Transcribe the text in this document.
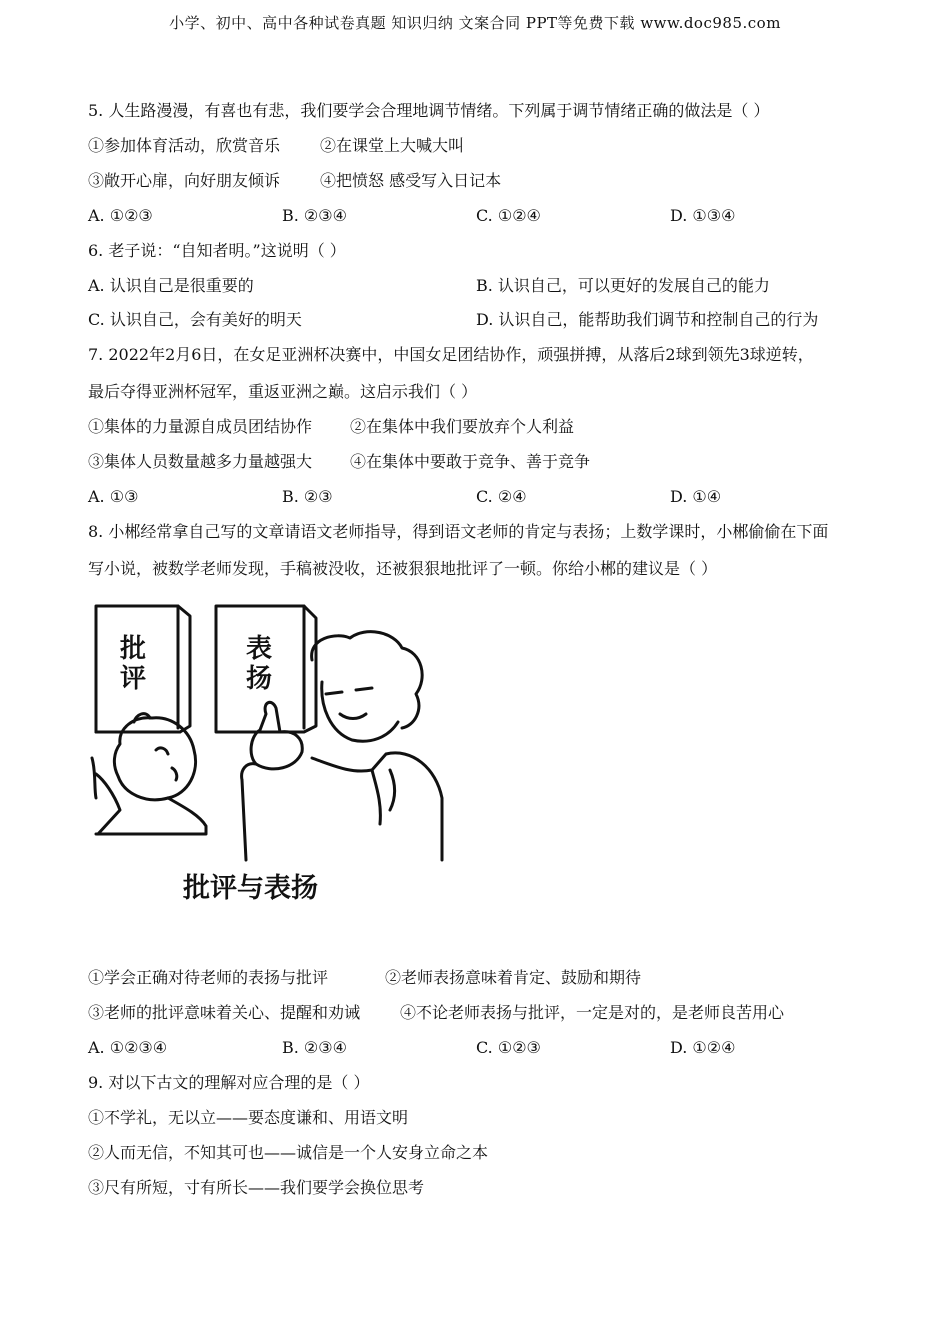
小学、初中、高中各种试卷真题 知识归纳 文案合同 PPT等免费下载 www.doc985.com
5. 人生路漫漫，有喜也有悲，我们要学会合理地调节情绪。下列属于调节情绪正确的做法是（ ）
①参加体育活动，欣赏音乐 ②在课堂上大喊大叫
③敞开心扉，向好朋友倾诉 ④把愤怒 感受写入日记本
A. ①②③	B. ②③④	C. ①②④	D. ①③④
6. 老子说：“自知者明。”这说明（ ）
A. 认识自己是很重要的	B. 认识自己，可以更好的发展自己的能力
C. 认识自己，会有美好的明天	D. 认识自己，能帮助我们调节和控制自己的行为
7. 2022年2月6日，在女足亚洲杯决赛中，中国女足团结协作，顽强拼搏，从落后2球到领先3球逆转，
最后夺得亚洲杯冠军，重返亚洲之巅。这启示我们（ ）
①集体的力量源自成员团结协作 ②在集体中我们要放弃个人利益
③集体人员数量越多力量越强大 ④在集体中要敢于竞争、善于竞争
A. ①③	B. ②③	C. ②④	D. ①④
8. 小郴经常拿自己写的文章请语文老师指导，得到语文老师的肯定与表扬；上数学课时，小郴偷偷在下面
写小说，被数学老师发现，手稿被没收，还被狠狠地批评了一顿。你给小郴的建议是（ ）
批评
表扬
批评与表扬
①学会正确对待老师的表扬与批评	②老师表扬意味着肯定、鼓励和期待
③老师的批评意味着关心、提醒和劝诫 ④不论老师表扬与批评，一定是对的，是老师良苦用心
A. ①②③④	B. ②③④	C. ①②③	D. ①②④
9. 对以下古文的理解对应合理的是（ ）
①不学礼，无以立——要态度谦和、用语文明
②人而无信，不知其可也——诚信是一个人安身立命之本
③尺有所短，寸有所长——我们要学会换位思考
